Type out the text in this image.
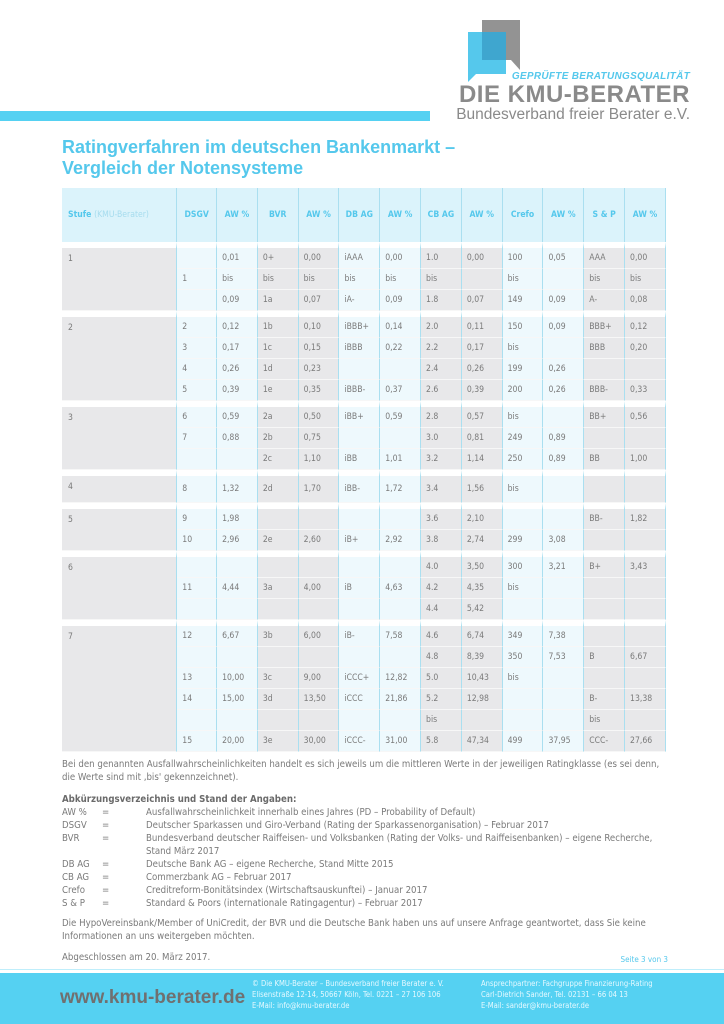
GEPRÜFTE BERATUNGSQUALITÄT
DIE KMU-BERATER
Bundesverband freier Berater e.V.
Ratingverfahren im deutschen Bankenmarkt –
Vergleich der Notensysteme
Stufe (KMU-Berater)	DSGV	AW %	BVR	AW %	DB AG	AW %	CB AG	AW %	Crefo	AW %	S & P	AW %
1		0,01	0+	0,00	iAAA	0,00	1.0	0,00	100	0,05	AAA	0,00
	1	bis	bis	bis	bis	bis	bis		bis		bis	bis
		0,09	1a	0,07	iA-	0,09	1.8	0,07	149	0,09	A-	0,08
2	2	0,12	1b	0,10	iBBB+	0,14	2.0	0,11	150	0,09	BBB+	0,12
	3	0,17	1c	0,15	iBBB	0,22	2.2	0,17	bis		BBB	0,20
	4	0,26	1d	0,23			2.4	0,26	199	0,26		
	5	0,39	1e	0,35	iBBB-	0,37	2.6	0,39	200	0,26	BBB-	0,33
3	6	0,59	2a	0,50	iBB+	0,59	2.8	0,57	bis		BB+	0,56
	7	0,88	2b	0,75			3.0	0,81	249	0,89		
			2c	1,10	iBB	1,01	3.2	1,14	250	0,89	BB	1,00
4	8	1,32	2d	1,70	iBB-	1,72	3.4	1,56	bis			
5	9	1,98					3.6	2,10			BB-	1,82
	10	2,96	2e	2,60	iB+	2,92	3.8	2,74	299	3,08		
6							4.0	3,50	300	3,21	B+	3,43
	11	4,44	3a	4,00	iB	4,63	4.2	4,35	bis			
							4.4	5,42				
7	12	6,67	3b	6,00	iB-	7,58	4.6	6,74	349	7,38		
							4.8	8,39	350	7,53	B	6,67
	13	10,00	3c	9,00	iCCC+	12,82	5.0	10,43	bis			
	14	15,00	3d	13,50	iCCC	21,86	5.2	12,98			B-	13,38
							bis				bis	
	15	20,00	3e	30,00	iCCC-	31,00	5.8	47,34	499	37,95	CCC-	27,66

Bei den genannten Ausfallwahrscheinlichkeiten handelt es sich jeweils um die mittleren Werte in der jeweiligen Ratingklasse (es sei denn, die Werte sind mit ‚bis' gekennzeichnet).

Abkürzungsverzeichnis und Stand der Angaben:

AW %	=	Ausfallwahrscheinlichkeit innerhalb eines Jahres (PD – Probability of Default)
DSGV	=	Deutscher Sparkassen und Giro-Verband (Rating der Sparkassenorganisation) – Februar 2017
BVR	=	Bundesverband deutscher Raiffeisen- und Volksbanken (Rating der Volks- und Raiffeisenbanken) – eigene Recherche, Stand März 2017
DB AG	=	Deutsche Bank AG – eigene Recherche, Stand Mitte 2015
CB AG	=	Commerzbank AG – Februar 2017
Crefo	=	Creditreform-Bonitätsindex (Wirtschaftsauskunftei) – Januar 2017
S & P	=	Standard & Poors (internationale Ratingagentur) – Februar 2017

Die HypoVereinsbank/Member of UniCredit, der BVR und die Deutsche Bank haben uns auf unsere Anfrage geantwortet, dass Sie keine Informationen an uns weitergeben möchten.

Abgeschlossen am 20. März 2017.	Seite 3 von 3
www.kmu-berater.de
© Die KMU-Berater – Bundesverband freier Berater e. V.
Elisenstraße 12-14, 50667 Köln, Tel. 0221 – 27 106 106
E-Mail: info@kmu-berater.de
Ansprechpartner: Fachgruppe Finanzierung-Rating
Carl-Dietrich Sander, Tel. 02131 – 66 04 13
E-Mail: sander@kmu-berater.de
